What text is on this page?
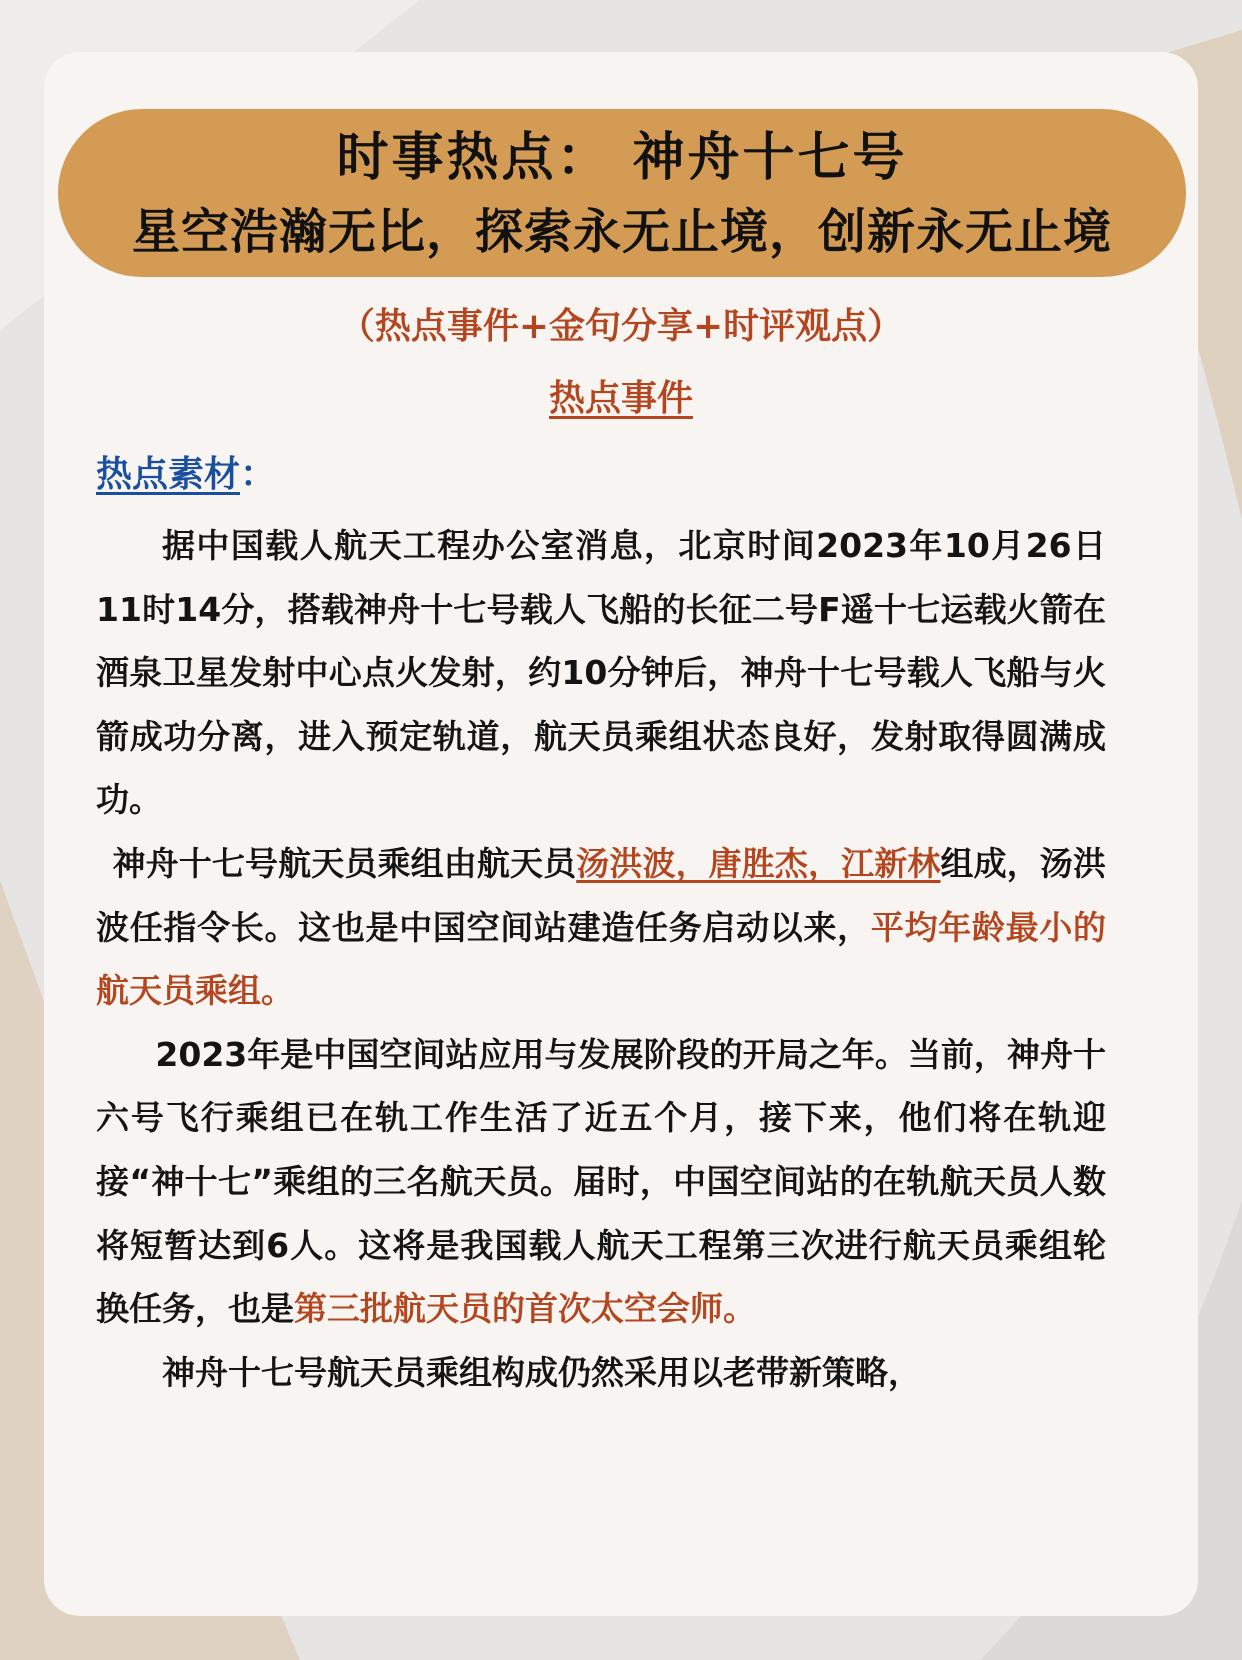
时事热点： 神舟十七号
星空浩瀚无比，探索永无止境，创新永无止境
（热点事件+金句分享+时评观点）
热点事件
热点素材：

据中国载人航天工程办公室消息，北京时间2023年10月26日11时14分，搭载神舟十七号载人飞船的长征二号F遥十七运载火箭在酒泉卫星发射中心点火发射，约10分钟后，神舟十七号载人飞船与火箭成功分离，进入预定轨道，航天员乘组状态良好，发射取得圆满成功。

神舟十七号航天员乘组由航天员汤洪波，唐胜杰，江新林组成，汤洪波任指令长。这也是中国空间站建造任务启动以来，平均年龄最小的航天员乘组。

2023年是中国空间站应用与发展阶段的开局之年。当前，神舟十六号飞行乘组已在轨工作生活了近五个月，接下来，他们将在轨迎接“神十七”乘组的三名航天员。届时，中国空间站的在轨航天员人数将短暂达到6人。这将是我国载人航天工程第三次进行航天员乘组轮换任务，也是第三批航天员的首次太空会师。

神舟十七号航天员乘组构成仍然采用以老带新策略，
